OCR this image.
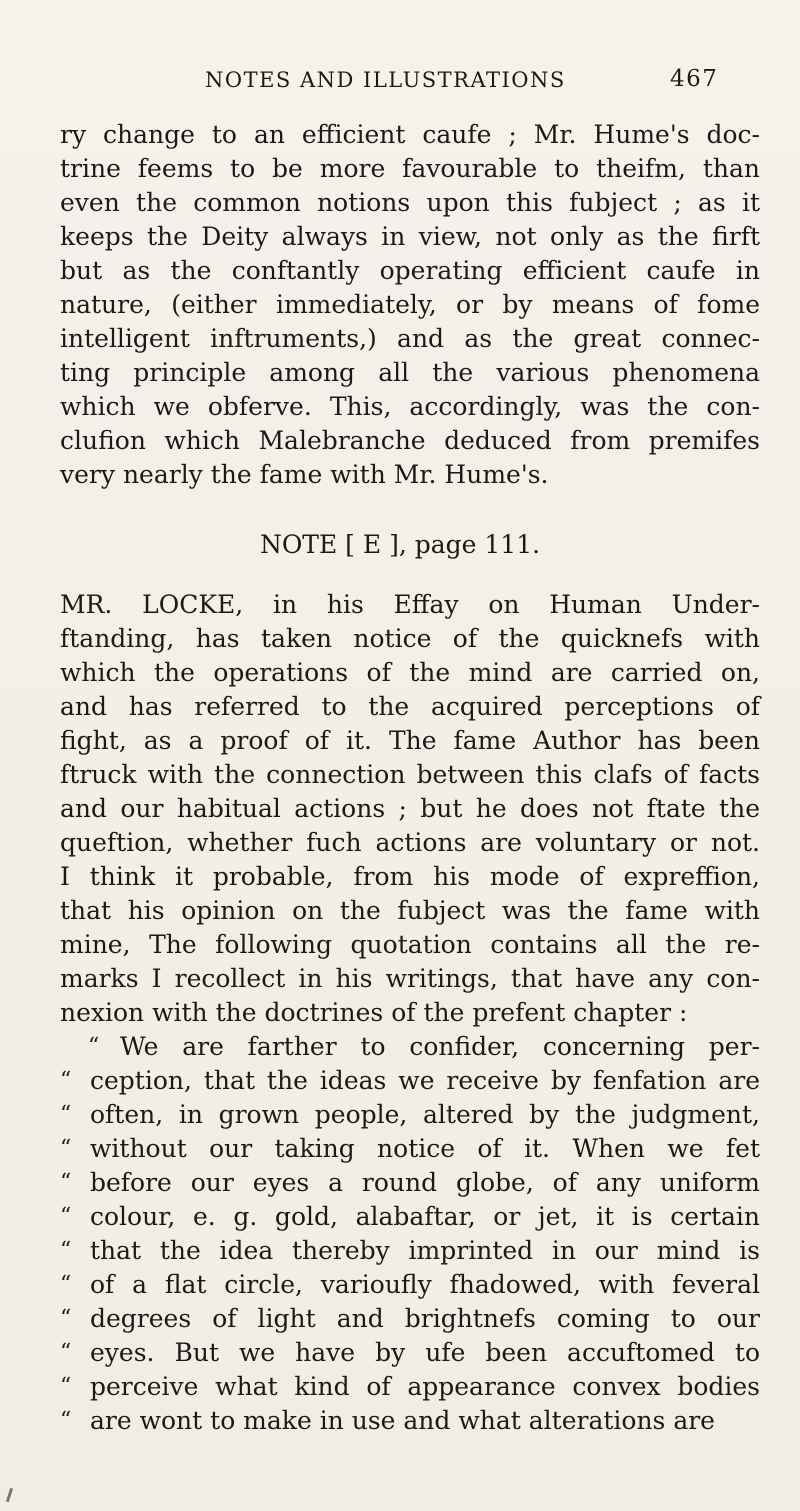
NOTES AND ILLUSTRATIONS	467
ry change to an efficient caufe ; Mr. Hume's doc-
trine feems to be more favourable to theifm, than
even the common notions upon this fubject ; as it
keeps the Deity always in view, not only as the firft
but as the conftantly operating efficient caufe in
nature, (either immediately, or by means of fome
intelligent inftruments,) and as the great connec-
ting principle among all the various phenomena
which we obferve. This, accordingly, was the con-
clufion which Malebranche deduced from premifes
very nearly the fame with Mr. Hume's.
NOTE [ E ], page 111.
MR. LOCKE, in his Effay on Human Under-
ftanding, has taken notice of the quicknefs with
which the operations of the mind are carried on,
and has referred to the acquired perceptions of
fight, as a proof of it. The fame Author has been
ftruck with the connection between this clafs of facts
and our habitual actions ; but he does not ftate the
queftion, whether fuch actions are voluntary or not.
I think it probable, from his mode of expreffion,
that his opinion on the fubject was the fame with
mine, The following quotation contains all the re-
marks I recollect in his writings, that have any con-
nexion with the doctrines of the prefent chapter :
“ We are farther to confider, concerning per-
“ ception, that the ideas we receive by fenfation are
“ often, in grown people, altered by the judgment,
“ without our taking notice of it. When we fet
“ before our eyes a round globe, of any uniform
“ colour, e. g. gold, alabaftar, or jet, it is certain
“ that the idea thereby imprinted in our mind is
“ of a flat circle, varioufly fhadowed, with feveral
“ degrees of light and brightnefs coming to our
“ eyes. But we have by ufe been accuftomed to
“ perceive what kind of appearance convex bodies
“ are wont to make in use and what alterations are
